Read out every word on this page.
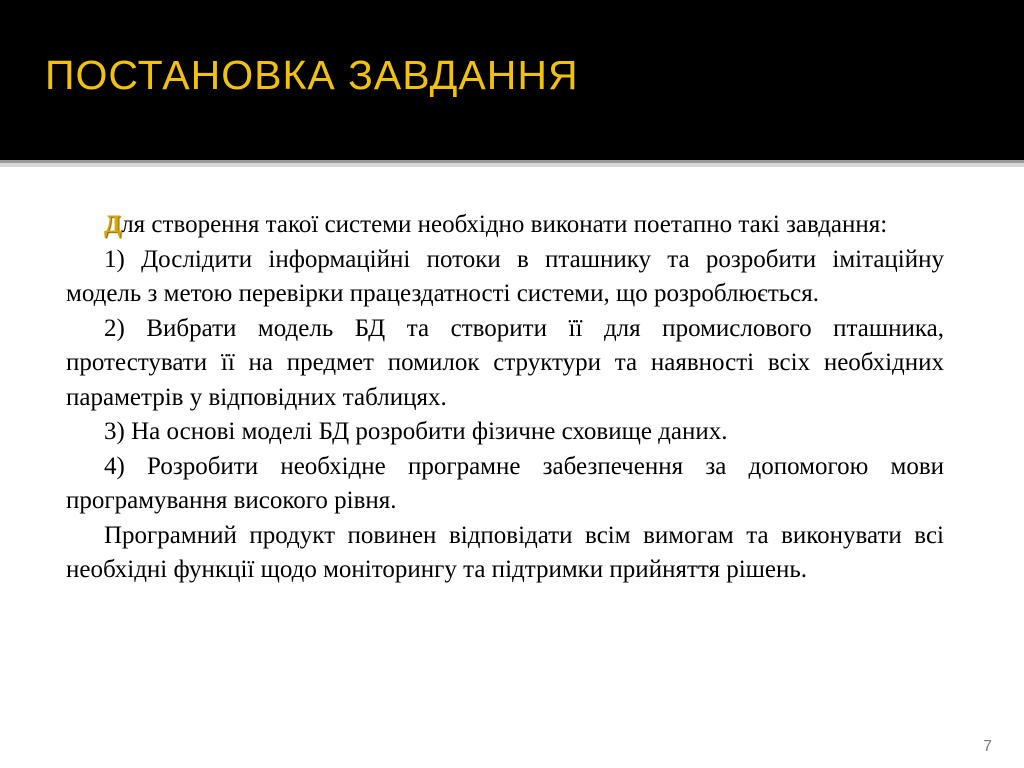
ПОСТАНОВКА ЗАВДАННЯ

Для створення такої системи необхідно виконати поетапно такі завдання:

1) Дослідити інформаційні потоки в пташнику та розробити імітаційну модель з метою перевірки працездатності системи, що розроблюється.

2) Вибрати модель БД та створити її для промислового пташника, протестувати її на предмет помилок структури та наявності всіх необхідних параметрів у відповідних таблицях.

3) На основі моделі БД розробити фізичне сховище даних.

4) Розробити необхідне програмне забезпечення за допомогою мови програмування високого рівня.

Програмний продукт повинен відповідати всім вимогам та виконувати всі необхідні функції щодо моніторингу та підтримки прийняття рішень.

7
